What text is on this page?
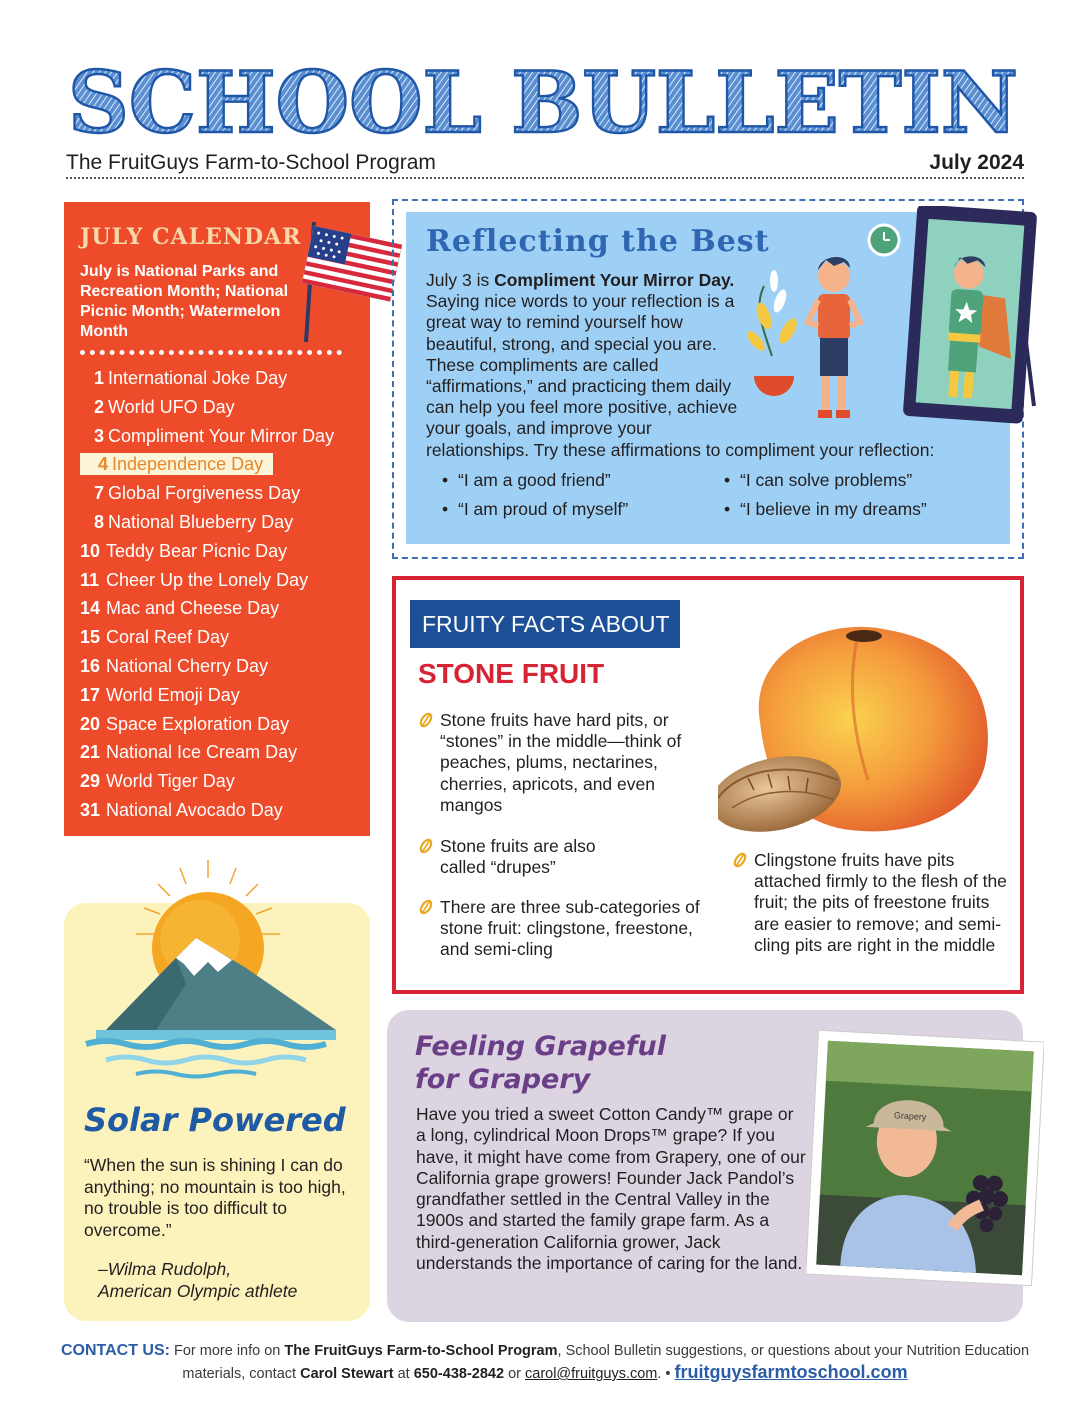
SCHOOL BULLETIN
The FruitGuys Farm-to-School Program	July 2024
JULY CALENDAR
July is National Parks and Recreation Month; National Picnic Month; Watermelon Month
1 International Joke Day
2 World UFO Day
3 Compliment Your Mirror Day
4 Independence Day
7 Global Forgiveness Day
8 National Blueberry Day
10 Teddy Bear Picnic Day
11 Cheer Up the Lonely Day
14 Mac and Cheese Day
15 Coral Reef Day
16 National Cherry Day
17 World Emoji Day
20 Space Exploration Day
21 National Ice Cream Day
29 World Tiger Day
31 National Avocado Day
Reflecting the Best

July 3 is Compliment Your Mirror Day. Saying nice words to your reflection is a great way to remind yourself how beautiful, strong, and special you are. These compliments are called “affirmations,” and practicing them daily can help you feel more positive, achieve your goals, and improve your

relationships. Try these affirmations to compliment your reflection:

• “I am a good friend”	• “I can solve problems”
• “I am proud of myself”	• “I believe in my dreams”
FRUITY FACTS ABOUT
STONE FRUIT
Stone fruits have hard pits, or “stones” in the middle—think of peaches, plums, nectarines, cherries, apricots, and even mangos
Stone fruits are also called “drupes”
There are three sub-categories of stone fruit: clingstone, freestone, and semi-cling
Clingstone fruits have pits attached firmly to the flesh of the fruit; the pits of freestone fruits are easier to remove; and semi-cling pits are right in the middle
Solar Powered

“When the sun is shining I can do anything; no mountain is too high, no trouble is too difficult to overcome.”

–Wilma Rudolph,
American Olympic athlete

Feeling Grapeful
for Grapery

Have you tried a sweet Cotton Candy™ grape or a long, cylindrical Moon Drops™ grape? If you have, it might have come from Grapery, one of our California grape growers! Founder Jack Pandol’s grandfather settled in the Central Valley in the 1900s and started the family grape farm. As a third-generation California grower, Jack understands the importance of caring for the land.

Grapery
CONTACT US: For more info on The FruitGuys Farm-to-School Program, School Bulletin suggestions, or questions about your Nutrition Education materials, contact Carol Stewart at 650-438-2842 or carol@fruitguys.com. • fruitguysfarmtoschool.com
